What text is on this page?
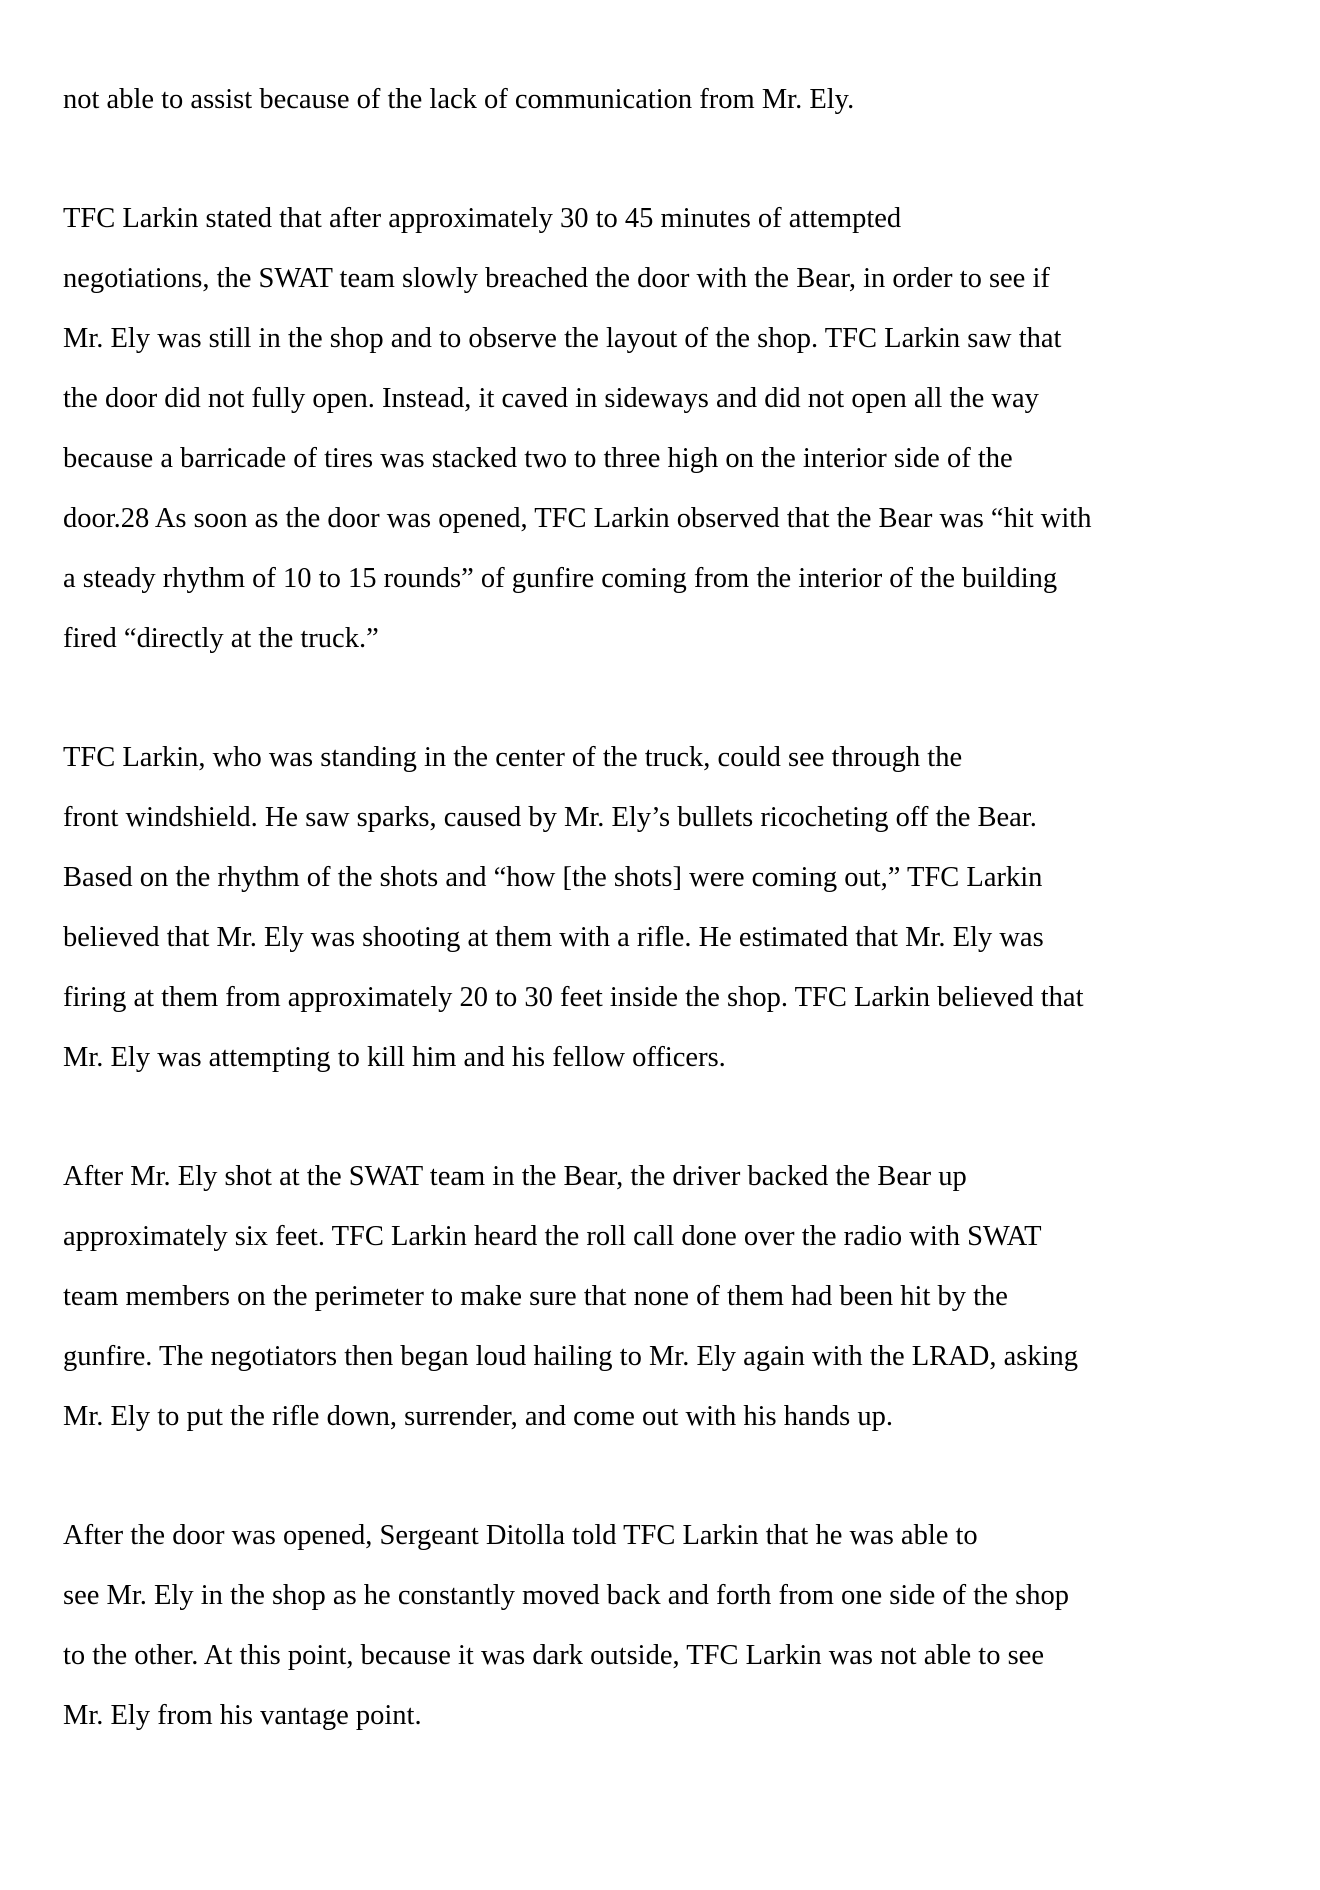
not able to assist because of the lack of communication from Mr. Ely.

TFC Larkin stated that after approximately 30 to 45 minutes of attempted

negotiations, the SWAT team slowly breached the door with the Bear, in order to see if

Mr. Ely was still in the shop and to observe the layout of the shop. TFC Larkin saw that

the door did not fully open. Instead, it caved in sideways and did not open all the way

because a barricade of tires was stacked two to three high on the interior side of the

door.28 As soon as the door was opened, TFC Larkin observed that the Bear was “hit with

a steady rhythm of 10 to 15 rounds” of gunfire coming from the interior of the building

fired “directly at the truck.”

TFC Larkin, who was standing in the center of the truck, could see through the

front windshield. He saw sparks, caused by Mr. Ely’s bullets ricocheting off the Bear.

Based on the rhythm of the shots and “how [the shots] were coming out,” TFC Larkin

believed that Mr. Ely was shooting at them with a rifle. He estimated that Mr. Ely was

firing at them from approximately 20 to 30 feet inside the shop. TFC Larkin believed that

Mr. Ely was attempting to kill him and his fellow officers.

After Mr. Ely shot at the SWAT team in the Bear, the driver backed the Bear up

approximately six feet. TFC Larkin heard the roll call done over the radio with SWAT

team members on the perimeter to make sure that none of them had been hit by the

gunfire. The negotiators then began loud hailing to Mr. Ely again with the LRAD, asking

Mr. Ely to put the rifle down, surrender, and come out with his hands up.

After the door was opened, Sergeant Ditolla told TFC Larkin that he was able to

see Mr. Ely in the shop as he constantly moved back and forth from one side of the shop

to the other. At this point, because it was dark outside, TFC Larkin was not able to see

Mr. Ely from his vantage point.
